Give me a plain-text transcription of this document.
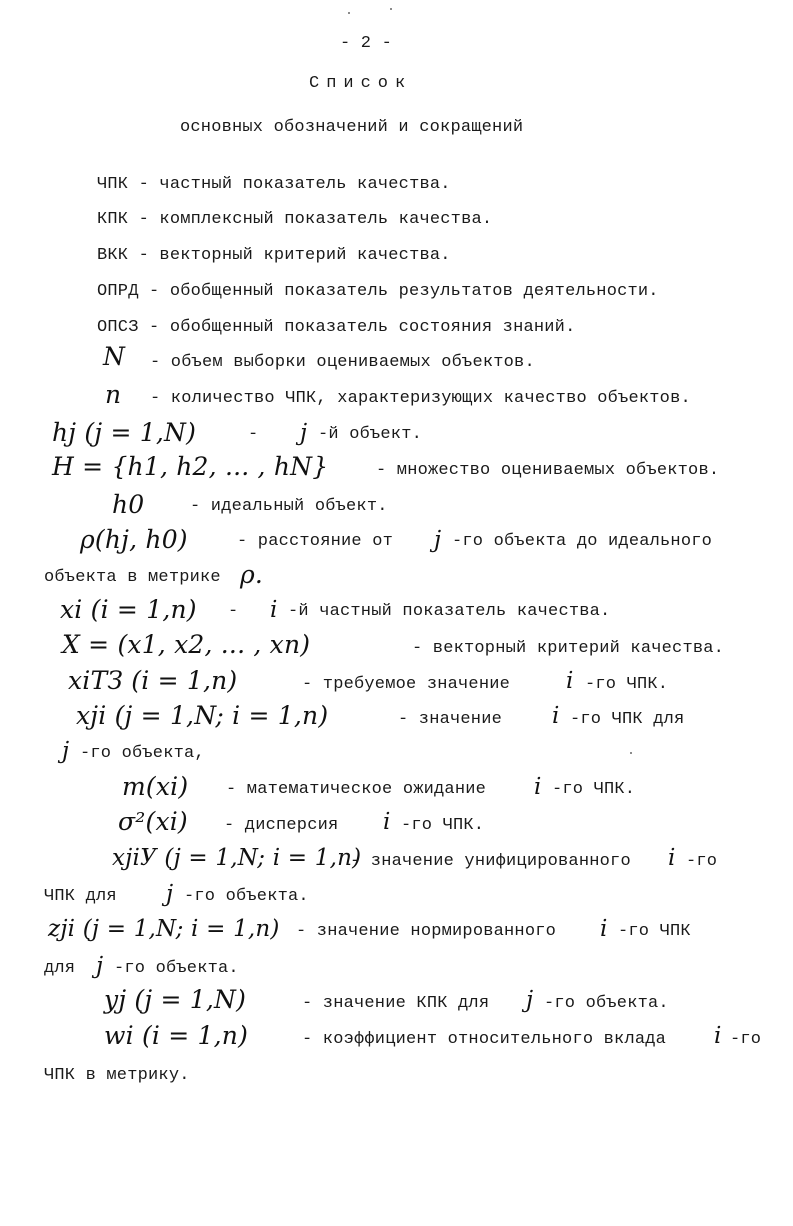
- 2 -
Список
основных обозначений и сокращений
ЧПК - частный показатель качества.
КПК - комплексный показатель качества.
ВКК - векторный критерий качества.
ОПРД - обобщенный показатель результатов деятельности.
ОПСЗ - обобщенный показатель состояния знаний.
N - объем выборки оцениваемых объектов.
n - количество ЧПК, характеризующих качество объектов.
hj (j = 1,N)	- j -й объект.
H = {h1, h2, ... , hN}	- множество оцениваемых объектов.
h0	- идеальный объект.
ρ(hj, h0)	- расстояние от j -го объекта до идеального
объекта в метрике ρ.
xi (i = 1,n) - i -й частный показатель качества.
X = (x1, x2, ... , xn)	- векторный критерий качества.
xiТЗ (i = 1,n)	- требуемое значение i -го ЧПК.
xji (j = 1,N; i = 1,n)	- значение i -го ЧПК для
j -го объекта,
m(xi) - математическое ожидание i -го ЧПК.
σ²(xi) - дисперсия i -го ЧПК.
xjiУ (j = 1,N; i = 1,n)
- значение унифицированного i -го
ЧПК для j -го объекта.
zji (j = 1,N; i = 1,n) - значение нормированного i -го ЧПК
для j -го объекта.
yj (j = 1,N)	- значение КПК для j -го объекта.
wi (i = 1,n)	- коэффициент относительного вклада i -го
ЧПК в метрику.
